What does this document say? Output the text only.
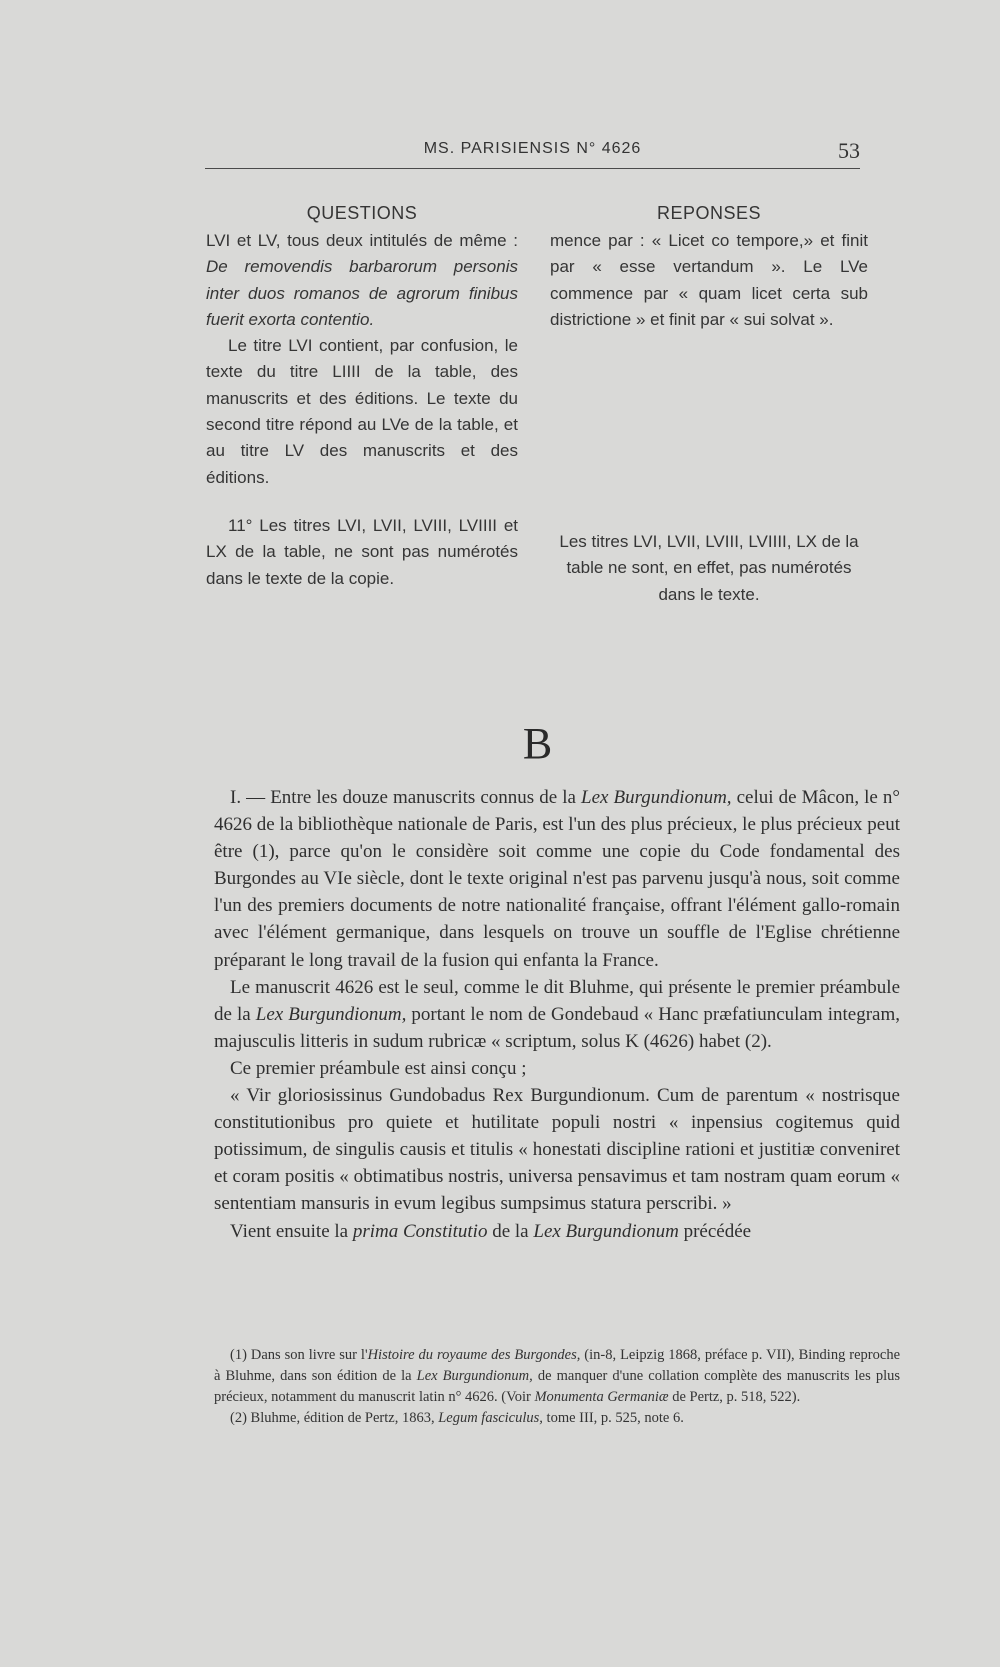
MS. PARISIENSIS N° 4626	53
QUESTIONS

LVI et LV, tous deux intitulés de même : De removendis barbarorum personis inter duos romanos de agrorum finibus fuerit exorta contentio.

Le titre LVI contient, par confusion, le texte du titre LIIII de la table, des manuscrits et des éditions. Le texte du second titre répond au LVe de la table, et au titre LV des manuscrits et des éditions.

11° Les titres LVI, LVII, LVIII, LVIIII et LX de la table, ne sont pas numérotés dans le texte de la copie.

REPONSES

mence par : « Licet co tempore,» et finit par « esse vertandum ». Le LVe commence par « quam licet certa sub districtione » et finit par « sui solvat ».

Les titres LVI, LVII, LVIII, LVIIII, LX de la table ne sont, en effet, pas numérotés dans le texte.

B

I. — Entre les douze manuscrits connus de la Lex Burgundionum, celui de Mâcon, le n° 4626 de la bibliothèque nationale de Paris, est l'un des plus précieux, le plus précieux peut être (1), parce qu'on le considère soit comme une copie du Code fondamental des Burgondes au VIe siècle, dont le texte original n'est pas parvenu jusqu'à nous, soit comme l'un des premiers documents de notre nationalité française, offrant l'élément gallo-romain avec l'élément germanique, dans lesquels on trouve un souffle de l'Eglise chrétienne préparant le long travail de la fusion qui enfanta la France.

Le manuscrit 4626 est le seul, comme le dit Bluhme, qui présente le premier préambule de la Lex Burgundionum, portant le nom de Gondebaud « Hanc præfatiunculam integram, majusculis litteris in sudum rubricæ « scriptum, solus K (4626) habet (2).

Ce premier préambule est ainsi conçu ;

« Vir gloriosissinus Gundobadus Rex Burgundionum. Cum de parentum « nostrisque constitutionibus pro quiete et hutilitate populi nostri « inpensius cogitemus quid potissimum, de singulis causis et titulis « honestati discipline rationi et justitiæ conveniret et coram positis « obtimatibus nostris, universa pensavimus et tam nostram quam eorum « sententiam mansuris in evum legibus sumpsimus statura perscribi. »

Vient ensuite la prima Constitutio de la Lex Burgundionum précédée

(1) Dans son livre sur l'Histoire du royaume des Burgondes, (in-8, Leipzig 1868, préface p. VII), Binding reproche à Bluhme, dans son édition de la Lex Burgundionum, de manquer d'une collation complète des manuscrits les plus précieux, notamment du manuscrit latin n° 4626. (Voir Monumenta Germaniæ de Pertz, p. 518, 522).

(2) Bluhme, édition de Pertz, 1863, Legum fasciculus, tome III, p. 525, note 6.
